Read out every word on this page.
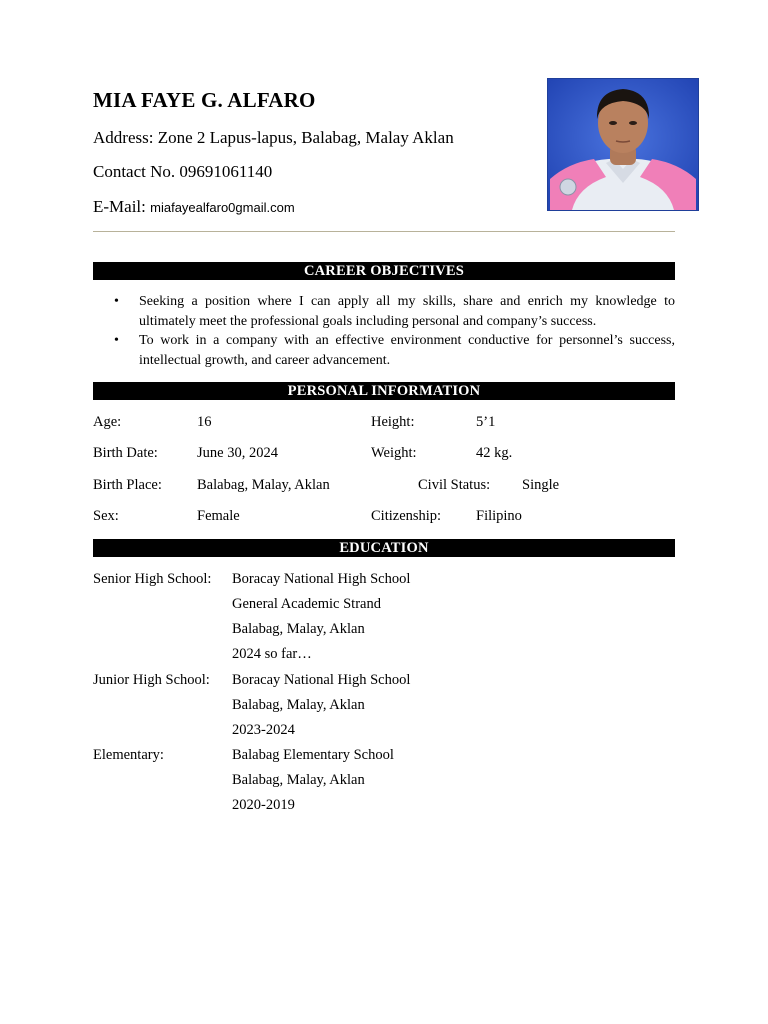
MIA FAYE G. ALFARO
Address: Zone 2 Lapus-lapus, Balabag, Malay Aklan
Contact No. 09691061140
E-Mail: miafayealfaro0gmail.com
CAREER OBJECTIVES
• Seeking a position where I can apply all my skills, share and enrich my knowledge to ultimately meet the professional goals including personal and company’s success.
• To work in a company with an effective environment conductive for personnel’s success, intellectual growth, and career advancement.
PERSONAL INFORMATION
Age:	16	Height:	5’1
Birth Date:	June 30, 2024	Weight:	42 kg.
Birth Place: Balabag, Malay, Aklan	Civil Status: Single
Sex:	Female	Citizenship: Filipino
EDUCATION
Senior High School: Boracay National High School
General Academic Strand
Balabag, Malay, Aklan
2024 so far…
Junior High School: Boracay National High School
Balabag, Malay, Aklan
2023-2024
Elementary:	Balabag Elementary School
Balabag, Malay, Aklan
2020-2019
